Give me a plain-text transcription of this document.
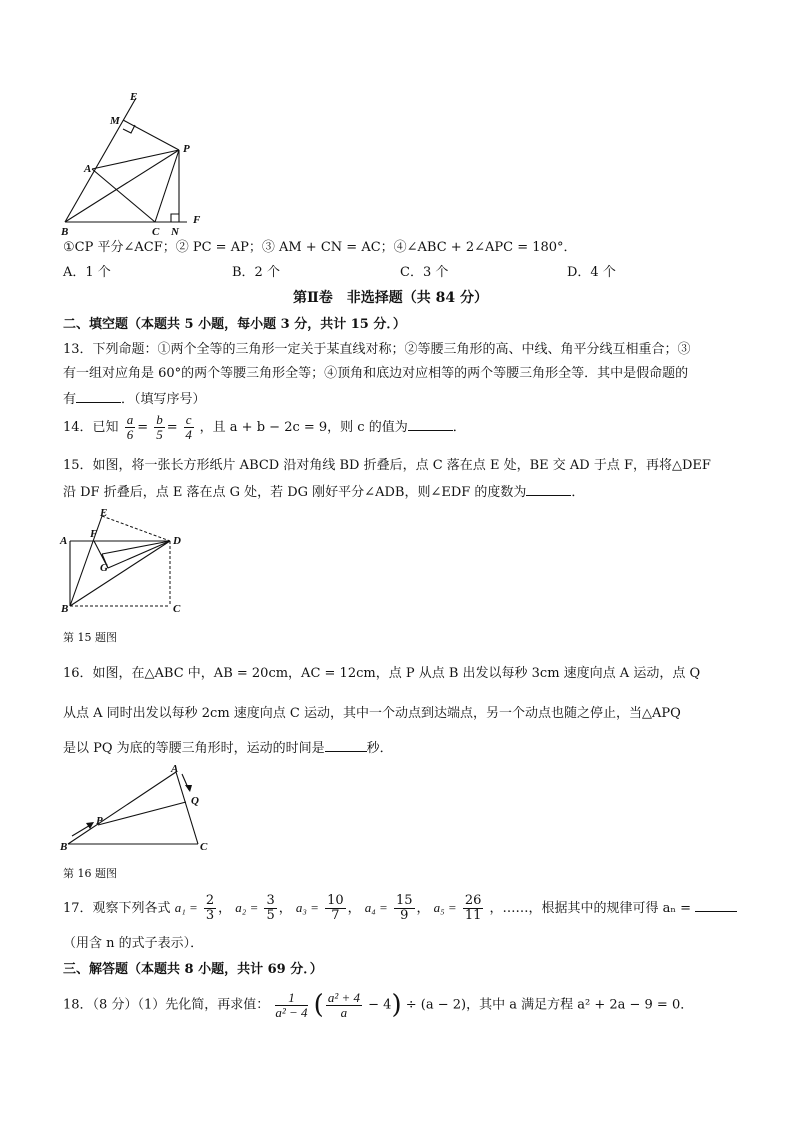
E
M
P
A
B	C N
F
①CP 平分∠ACF；② PC = AP；③ AM + CN = AC；④∠ABC + 2∠APC = 180°．
A．1 个	B．2 个	C．3 个	D．4 个
第Ⅱ卷　非选择题（共 84 分）
二、填空题（本题共 5 小题，每小题 3 分，共计 15 分．）
13．下列命题：①两个全等的三角形一定关于某直线对称；②等腰三角形的高、中线、角平分线互相重合；③
有一组对应角是 60°的两个等腰三角形全等；④顶角和底边对应相等的两个等腰三角形全等．其中是假命题的
有	．（填写序号）
14．已知 $\frac{a}{6} = \frac{b}{5} = \frac{c}{4}$ ，且 a + b − 2c = 9，则 c 的值为	．
15．如图，将一张长方形纸片 ABCD 沿对角线 BD 折叠后，点 C 落在点 E 处，BE 交 AD 于点 F，再将△DEF
沿 DF 折叠后，点 E 落在点 G 处，若 DG 刚好平分∠ADB，则∠EDF 的度数为	．
E
A
F
D
G
B	C
第 15 题图
16．如图，在△ABC 中，AB = 20cm，AC = 12cm，点 P 从点 B 出发以每秒 3cm 速度向点 A 运动，点 Q
从点 A 同时出发以每秒 2cm 速度向点 C 运动，其中一个动点到达端点，另一个动点也随之停止，当△APQ
是以 PQ 为底的等腰三角形时，运动的时间是	秒．
A
Q
P
B	C
第 16 题图
17．观察下列各式 $a_1 = \frac{2}{3}$ ， $a_2 = \frac{3}{5}$ ， $a_3 = \frac{10}{7}$ ， $a_4 = \frac{15}{9}$ ， $a_5 = \frac{26}{11}$ ，……，根据其中的规律可得 aₙ =
（用含 n 的式子表示）．
三、解答题（本题共 8 小题，共计 69 分．）
18．（8 分）（1）先化简，再求值： $\frac{1}{\text{a² − 4}}$ ( $\frac{\text{a² + 4}}{a} - 4) \div (a - 2)$，其中 a 满足方程 a² + 2a − 9 = 0．
